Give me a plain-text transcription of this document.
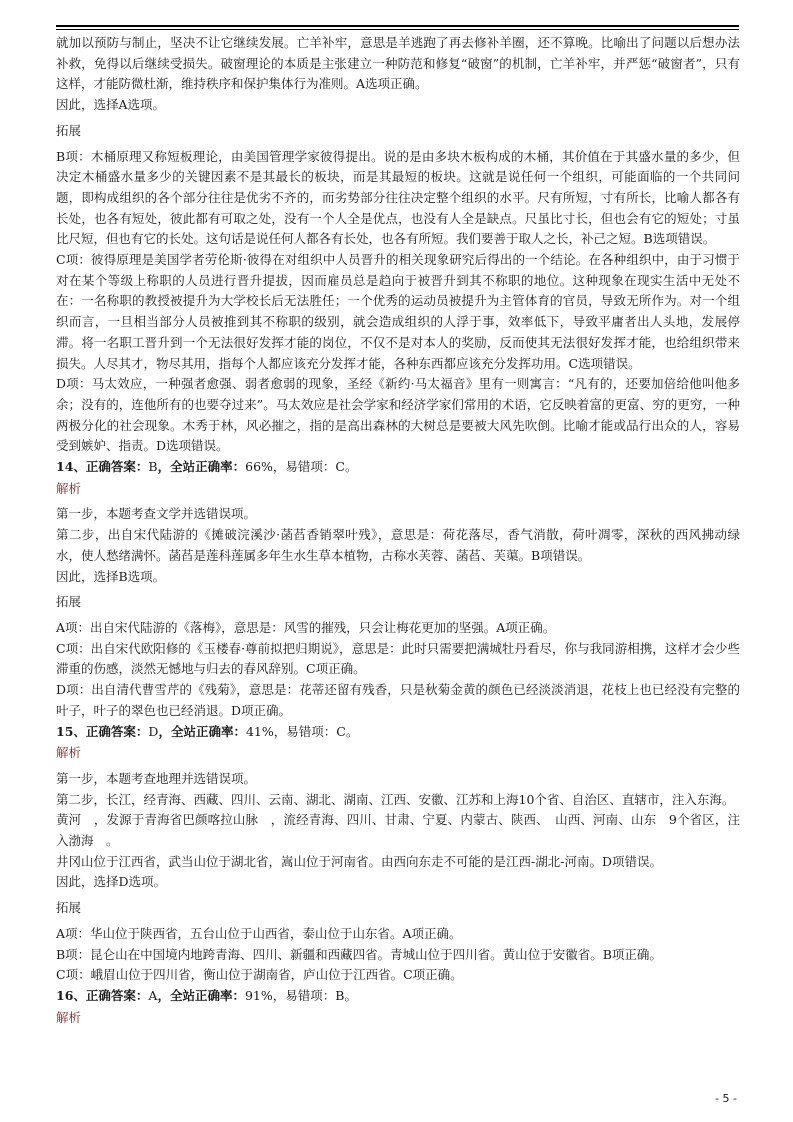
就加以预防与制止，坚决不让它继续发展。亡羊补牢，意思是羊逃跑了再去修补羊圈，还不算晚。比喻出了问题以后想办法补救，免得以后继续受损失。破窗理论的本质是主张建立一种防范和修复“破窗”的机制，亡羊补牢，并严惩“破窗者”，只有这样，才能防微杜渐，维持秩序和保护集体行为准则。A选项正确。

因此，选择A选项。

拓展

B项：木桶原理又称短板理论，由美国管理学家彼得提出。说的是由多块木板构成的木桶，其价值在于其盛水量的多少，但决定木桶盛水量多少的关键因素不是其最长的板块，而是其最短的板块。这就是说任何一个组织，可能面临的一个共同问题，即构成组织的各个部分往往是优劣不齐的，而劣势部分往往决定整个组织的水平。尺有所短，寸有所长，比喻人都各有长处，也各有短处，彼此都有可取之处，没有一个人全是优点，也没有人全是缺点。尺虽比寸长，但也会有它的短处；寸虽比尺短，但也有它的长处。这句话是说任何人都各有长处，也各有所短。我们要善于取人之长，补己之短。B选项错误。

C项：彼得原理是美国学者劳伦斯·彼得在对组织中人员晋升的相关现象研究后得出的一个结论。在各种组织中，由于习惯于对在某个等级上称职的人员进行晋升提拔，因而雇员总是趋向于被晋升到其不称职的地位。这种现象在现实生活中无处不在：一名称职的教授被提升为大学校长后无法胜任；一个优秀的运动员被提升为主管体育的官员，导致无所作为。对一个组织而言，一旦相当部分人员被推到其不称职的级别，就会造成组织的人浮于事，效率低下，导致平庸者出人头地，发展停滞。将一名职工晋升到一个无法很好发挥才能的岗位，不仅不是对本人的奖励，反而使其无法很好发挥才能，也给组织带来损失。人尽其才，物尽其用，指每个人都应该充分发挥才能，各种东西都应该充分发挥功用。C选项错误。

D项：马太效应，一种强者愈强、弱者愈弱的现象，圣经《新约·马太福音》里有一则寓言：“凡有的，还要加倍给他叫他多余；没有的，连他所有的也要夺过来”。马太效应是社会学家和经济学家们常用的术语，它反映着富的更富、穷的更穷，一种两极分化的社会现象。木秀于林，风必摧之，指的是高出森林的大树总是要被大风先吹倒。比喻才能或品行出众的人，容易受到嫉妒、指责。D选项错误。

14、正确答案：B，全站正确率：66%，易错项：C。
解析

第一步，本题考查文学并选错误项。

第二步，出自宋代陆游的《摊破浣溪沙·菡萏香销翠叶残》，意思是：荷花落尽，香气消散，荷叶凋零，深秋的西风拂动绿水，使人愁绪满怀。菡萏是莲科莲属多年生水生草本植物，古称水芙蓉、菡萏、芙蕖。B项错误。

因此，选择B选项。

拓展

A项：出自宋代陆游的《落梅》，意思是：风雪的摧残，只会让梅花更加的坚强。A项正确。

C项：出自宋代欧阳修的《玉楼春·尊前拟把归期说》，意思是：此时只需要把满城牡丹看尽，你与我同游相携，这样才会少些滞重的伤感，淡然无憾地与归去的春风辞别。C项正确。

D项：出自清代曹雪芹的《残菊》，意思是：花蒂还留有残香，只是秋菊金黄的颜色已经淡淡消退，花枝上也已经没有完整的叶子，叶子的翠色也已经消退。D项正确。

15、正确答案：D，全站正确率：41%，易错项：C。
解析

第一步，本题考查地理并选错误项。

第二步，长江，经青海、西藏、四川、云南、湖北、湖南、江西、安徽、江苏和上海10个省、自治区、直辖市，注入东海。

黄河　，发源于青海省巴颜喀拉山脉　，流经青海、四川、甘肃、宁夏、内蒙古、陕西、　山西、河南、山东　9个省区，注入渤海　。

井冈山位于江西省，武当山位于湖北省，嵩山位于河南省。由西向东走不可能的是江西-湖北-河南。D项错误。

因此，选择D选项。

拓展

A项：华山位于陕西省，五台山位于山西省，泰山位于山东省。A项正确。

B项：昆仑山在中国境内地跨青海、四川、新疆和西藏四省。青城山位于四川省。黄山位于安徽省。B项正确。

C项：峨眉山位于四川省，衡山位于湖南省，庐山位于江西省。C项正确。

16、正确答案：A，全站正确率：91%，易错项：B。
解析
- 5 -
